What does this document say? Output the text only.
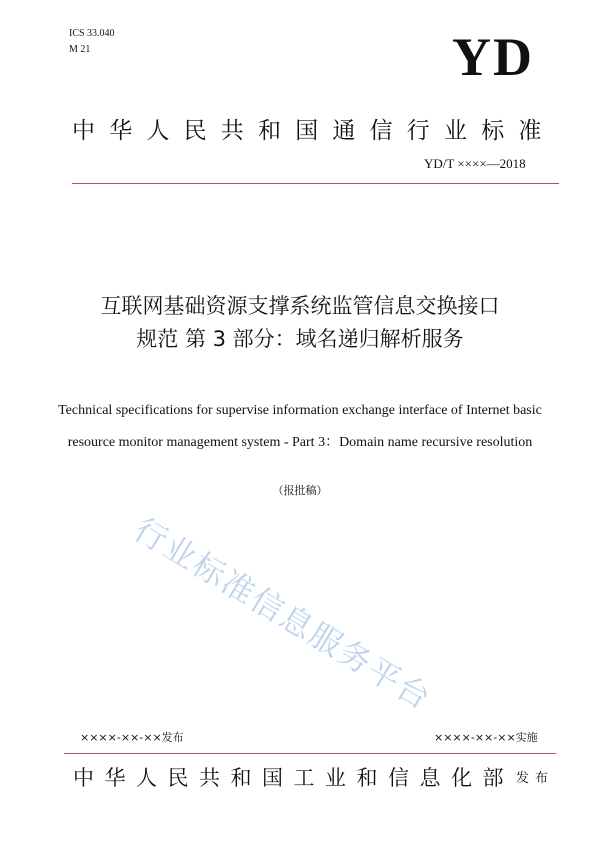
ICS 33.040
M 21	YD
中华人民共和国通信行业标准
YD/T ××××—2018
互联网基础资源支撑系统监管信息交换接口
规范 第 3 部分：域名递归解析服务
Technical specifications for supervise information exchange interface of Internet basic
resource monitor management system - Part 3：Domain name recursive resolution
（报批稿）
行业标准信息服务平台
××××-××-××发布	××××-××-××实施
中华人民共和国工业和信息化部 发布
